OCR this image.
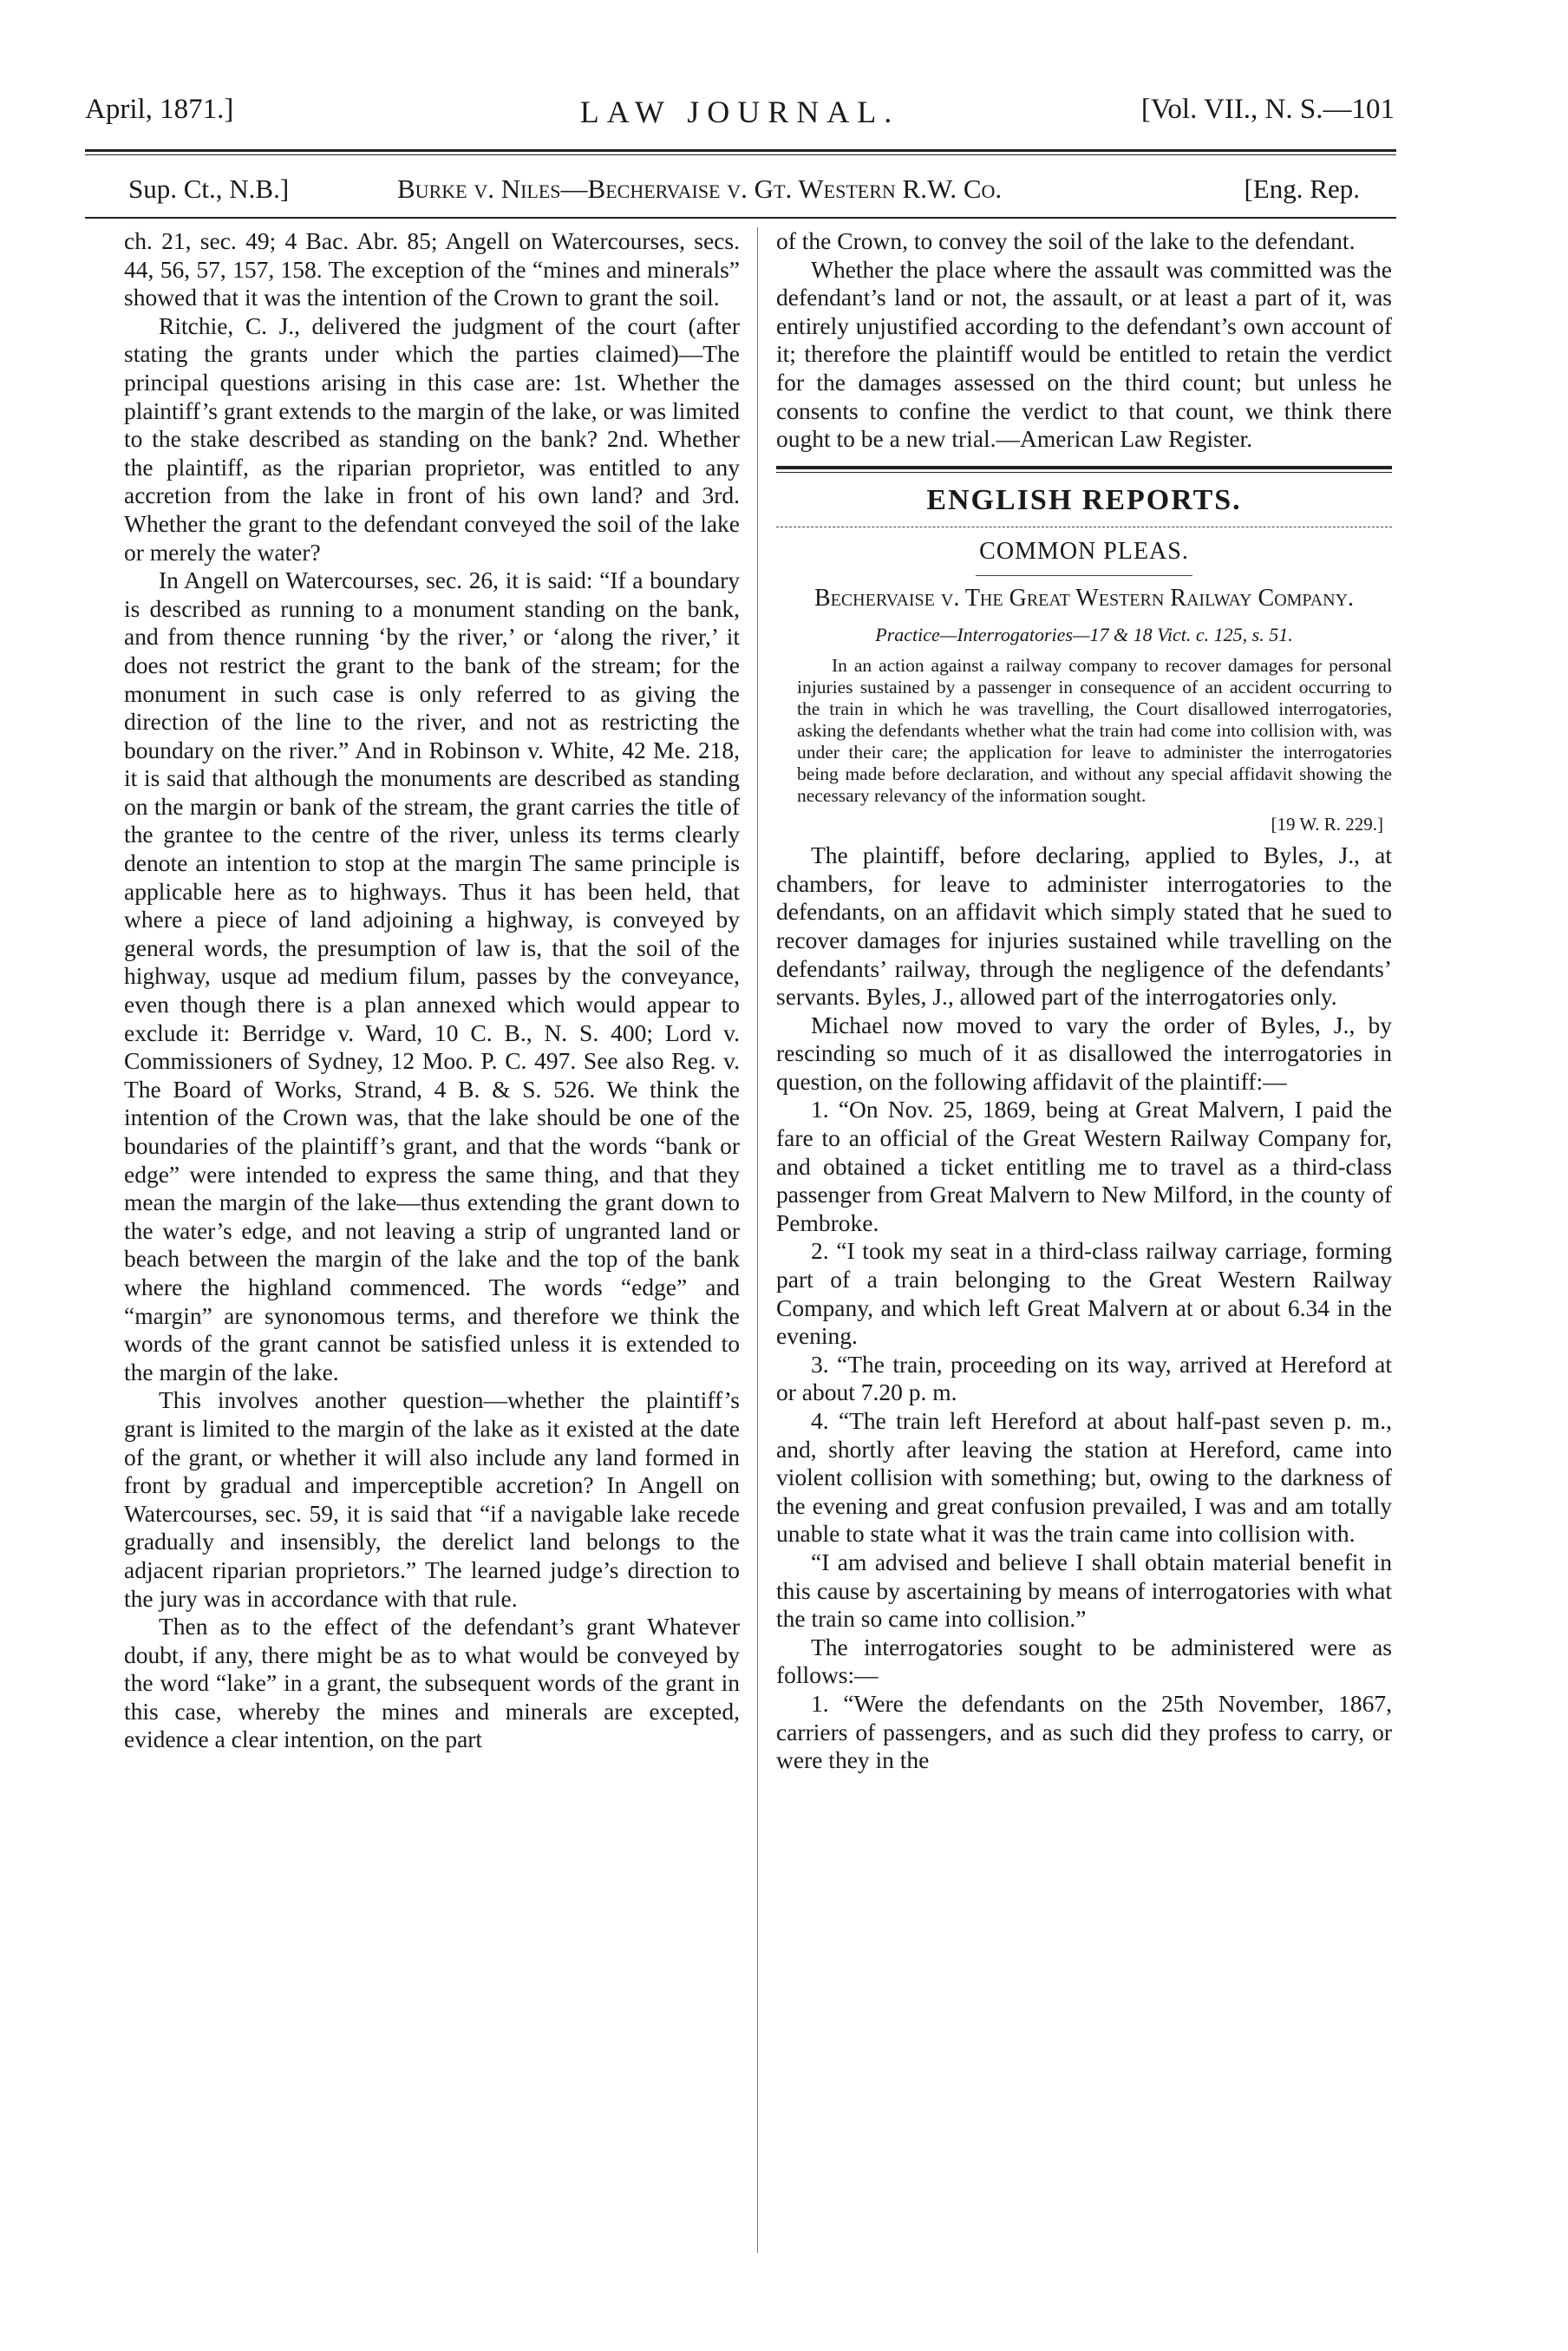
April, 1871.]	LAW JOURNAL.	[Vol. VII., N. S.—101
Sup. Ct., N.B.]	Burke v. Niles—Bechervaise v. Gt. Western R.W. Co.	[Eng. Rep.

ch. 21, sec. 49; 4 Bac. Abr. 85; Angell on Watercourses, secs. 44, 56, 57, 157, 158. The exception of the “mines and minerals” showed that it was the intention of the Crown to grant the soil.

Ritchie, C. J., delivered the judgment of the court (after stating the grants under which the parties claimed)—The principal questions arising in this case are: 1st. Whether the plaintiff’s grant extends to the margin of the lake, or was limited to the stake described as standing on the bank? 2nd. Whether the plaintiff, as the riparian proprietor, was entitled to any accretion from the lake in front of his own land? and 3rd. Whether the grant to the defendant conveyed the soil of the lake or merely the water?

In Angell on Watercourses, sec. 26, it is said: “If a boundary is described as running to a monument standing on the bank, and from thence running ‘by the river,’ or ‘along the river,’ it does not restrict the grant to the bank of the stream; for the monument in such case is only referred to as giving the direction of the line to the river, and not as restricting the boundary on the river.” And in Robinson v. White, 42 Me. 218, it is said that although the monuments are described as standing on the margin or bank of the stream, the grant carries the title of the grantee to the centre of the river, unless its terms clearly denote an intention to stop at the margin The same principle is applicable here as to highways. Thus it has been held, that where a piece of land adjoining a highway, is conveyed by general words, the presumption of law is, that the soil of the highway, usque ad medium filum, passes by the conveyance, even though there is a plan annexed which would appear to exclude it: Berridge v. Ward, 10 C. B., N. S. 400; Lord v. Commissioners of Sydney, 12 Moo. P. C. 497. See also Reg. v. The Board of Works, Strand, 4 B. & S. 526. We think the intention of the Crown was, that the lake should be one of the boundaries of the plaintiff’s grant, and that the words “bank or edge” were intended to express the same thing, and that they mean the margin of the lake—thus extending the grant down to the water’s edge, and not leaving a strip of ungranted land or beach between the margin of the lake and the top of the bank where the highland commenced. The words “edge” and “margin” are synonomous terms, and therefore we think the words of the grant cannot be satisfied unless it is extended to the margin of the lake.

This involves another question—whether the plaintiff’s grant is limited to the margin of the lake as it existed at the date of the grant, or whether it will also include any land formed in front by gradual and imperceptible accretion? In Angell on Watercourses, sec. 59, it is said that “if a navigable lake recede gradually and insensibly, the derelict land belongs to the adjacent riparian proprietors.” The learned judge’s direction to the jury was in accordance with that rule.

Then as to the effect of the defendant’s grant Whatever doubt, if any, there might be as to what would be conveyed by the word “lake” in a grant, the subsequent words of the grant in this case, whereby the mines and minerals are excepted, evidence a clear intention, on the part

of the Crown, to convey the soil of the lake to the defendant.

Whether the place where the assault was committed was the defendant’s land or not, the assault, or at least a part of it, was entirely unjustified according to the defendant’s own account of it; therefore the plaintiff would be entitled to retain the verdict for the damages assessed on the third count; but unless he consents to confine the verdict to that count, we think there ought to be a new trial.—American Law Register.

ENGLISH REPORTS.
COMMON PLEAS.
Bechervaise v. The Great Western Railway Company.
Practice—Interrogatories—17 & 18 Vict. c. 125, s. 51.

In an action against a railway company to recover damages for personal injuries sustained by a passenger in consequence of an accident occurring to the train in which he was travelling, the Court disallowed interrogatories, asking the defendants whether what the train had come into collision with, was under their care; the application for leave to administer the interrogatories being made before declaration, and without any special affidavit showing the necessary relevancy of the information sought.

[19 W. R. 229.]

The plaintiff, before declaring, applied to Byles, J., at chambers, for leave to administer interrogatories to the defendants, on an affidavit which simply stated that he sued to recover damages for injuries sustained while travelling on the defendants’ railway, through the negligence of the defendants’ servants. Byles, J., allowed part of the interrogatories only.

Michael now moved to vary the order of Byles, J., by rescinding so much of it as disallowed the interrogatories in question, on the following affidavit of the plaintiff:—

1. “On Nov. 25, 1869, being at Great Malvern, I paid the fare to an official of the Great Western Railway Company for, and obtained a ticket entitling me to travel as a third-class passenger from Great Malvern to New Milford, in the county of Pembroke.

2. “I took my seat in a third-class railway carriage, forming part of a train belonging to the Great Western Railway Company, and which left Great Malvern at or about 6.34 in the evening.

3. “The train, proceeding on its way, arrived at Hereford at or about 7.20 p. m.

4. “The train left Hereford at about half-past seven p. m., and, shortly after leaving the station at Hereford, came into violent collision with something; but, owing to the darkness of the evening and great confusion prevailed, I was and am totally unable to state what it was the train came into collision with.

“I am advised and believe I shall obtain material benefit in this cause by ascertaining by means of interrogatories with what the train so came into collision.”

The interrogatories sought to be administered were as follows:—

1. “Were the defendants on the 25th November, 1867, carriers of passengers, and as such did they profess to carry, or were they in the
